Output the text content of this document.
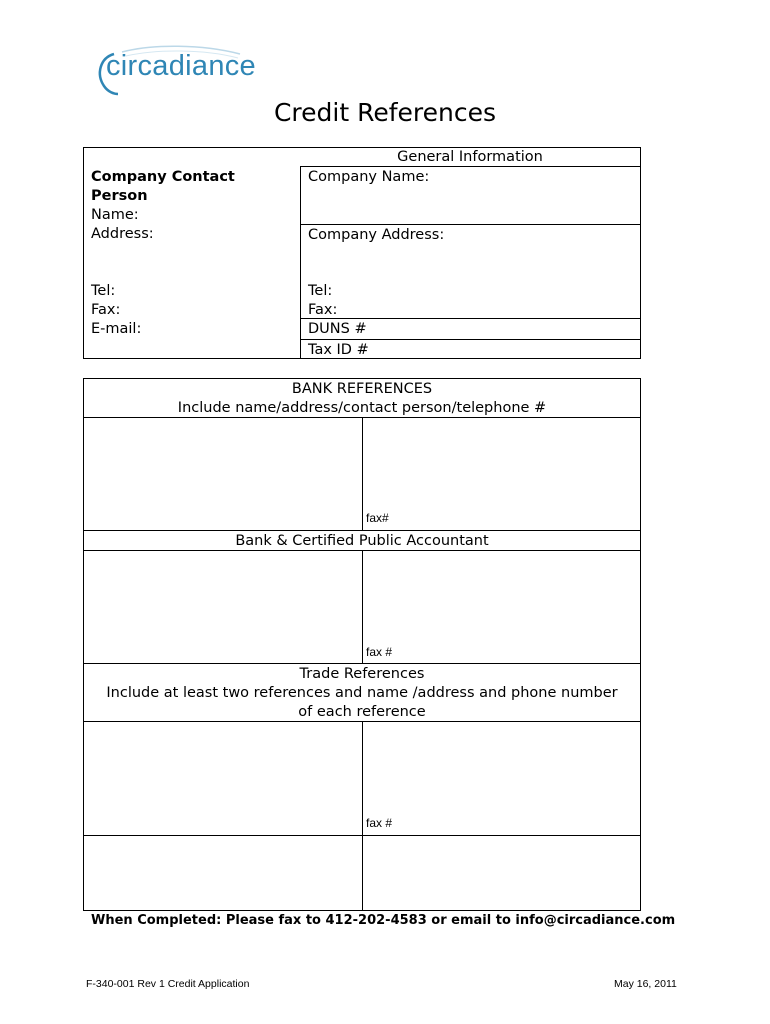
circadiance
Credit References
General Information
Company Contact
Person
Name:
Address:
Tel:
Fax:
E-mail:
Company Name:
Company Address:
Tel:
Fax:
DUNS #
Tax ID #
BANK REFERENCES
Include name/address/contact person/telephone #
fax#
Bank & Certified Public Accountant
fax #
Trade References
Include at least two references and name /address and phone number
of each reference
fax #
When Completed: Please fax to 412-202-4583 or email to info@circadiance.com
F-340-001 Rev 1 Credit Application	May 16, 2011
